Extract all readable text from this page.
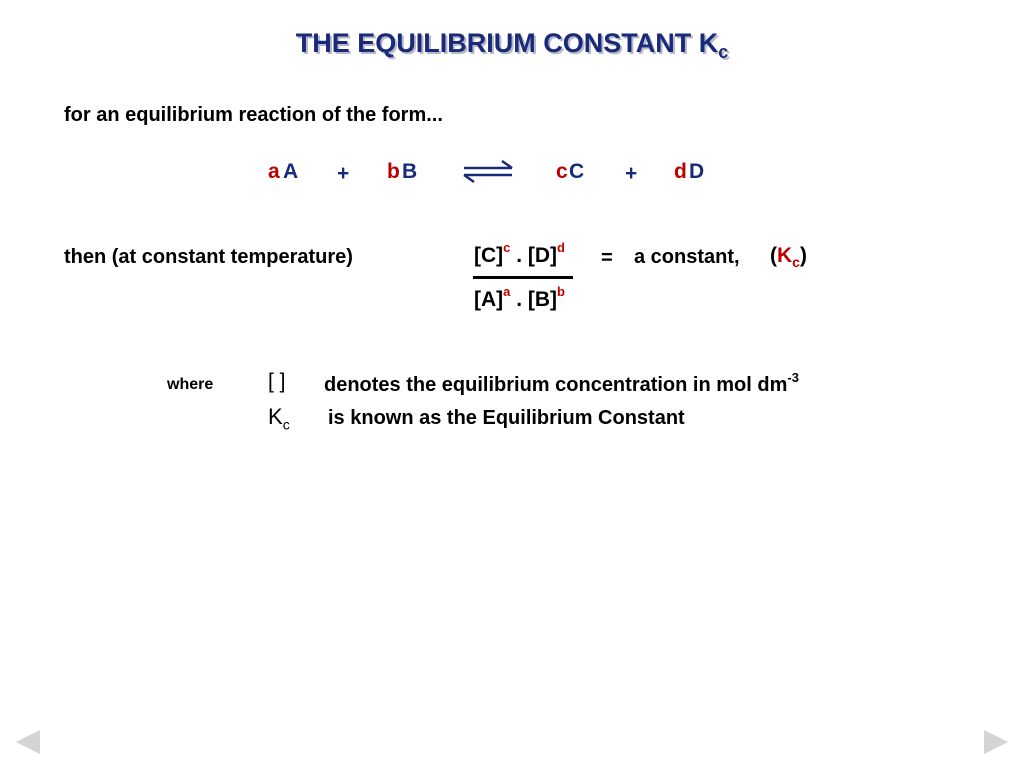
THE EQUILIBRIUM CONSTANT $K_c$
for an equilibrium reaction of the form...
a A + b B	c C + d D
then (at constant temperature)	$[C]^c$ . $[D]^d$
$[A]^a$ . $[B]^b$
= a constant, $(K_c)$
where	[ ] denotes the equilibrium concentration in mol $dm^{-3}$
$K_c$ is known as the Equilibrium Constant
